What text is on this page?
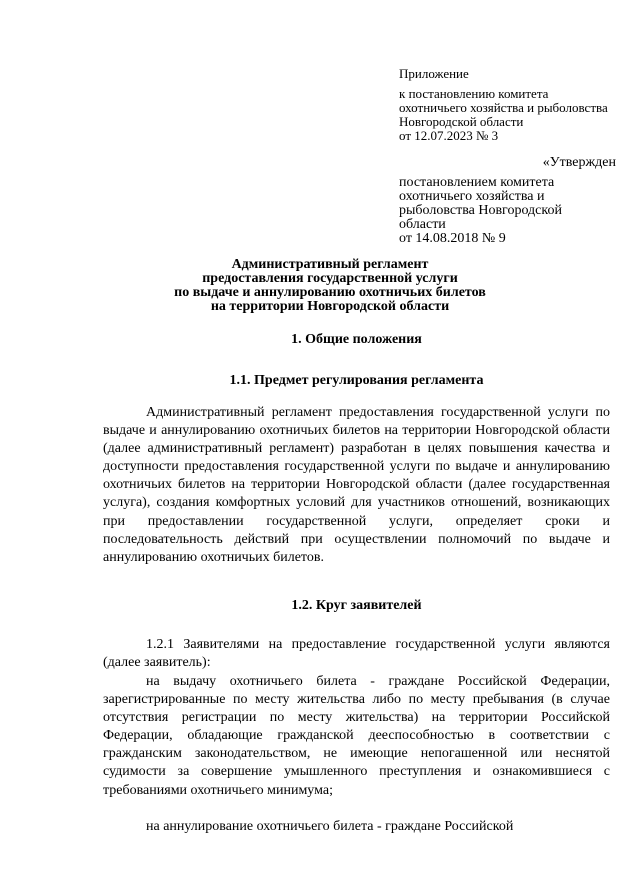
Приложение
к постановлению комитета
охотничьего хозяйства и рыболовства
Новгородской области
от 12.07.2023 № 3
«Утвержден
постановлением комитета
охотничьего хозяйства и
рыболовства Новгородской
области
от 14.08.2018 № 9
Административный регламент
предоставления государственной услуги
по выдаче и аннулированию охотничьих билетов
на территории Новгородской области
1. Общие положения
1.1. Предмет регулирования регламента

Административный регламент предоставления государственной услуги по выдаче и аннулированию охотничьих билетов на территории Новгородской области (далее административный регламент) разработан в целях повышения качества и доступности предоставления государственной услуги по выдаче и аннулированию охотничьих билетов на территории Новгородской области (далее государственная услуга), создания комфортных условий для участников отношений, возникающих при предоставлении государственной услуги, определяет сроки и последовательность действий при осуществлении полномочий по выдаче и аннулированию охотничьих билетов.

1.2. Круг заявителей

1.2.1 Заявителями на предоставление государственной услуги являются (далее заявитель):

на выдачу охотничьего билета - граждане Российской Федерации, зарегистрированные по месту жительства либо по месту пребывания (в случае отсутствия регистрации по месту жительства) на территории Российской Федерации, обладающие гражданской дееспособностью в соответствии с гражданским законодательством, не имеющие непогашенной или неснятой судимости за совершение умышленного преступления и ознакомившиеся с требованиями охотничьего минимума;

на аннулирование охотничьего билета - граждане Российской
